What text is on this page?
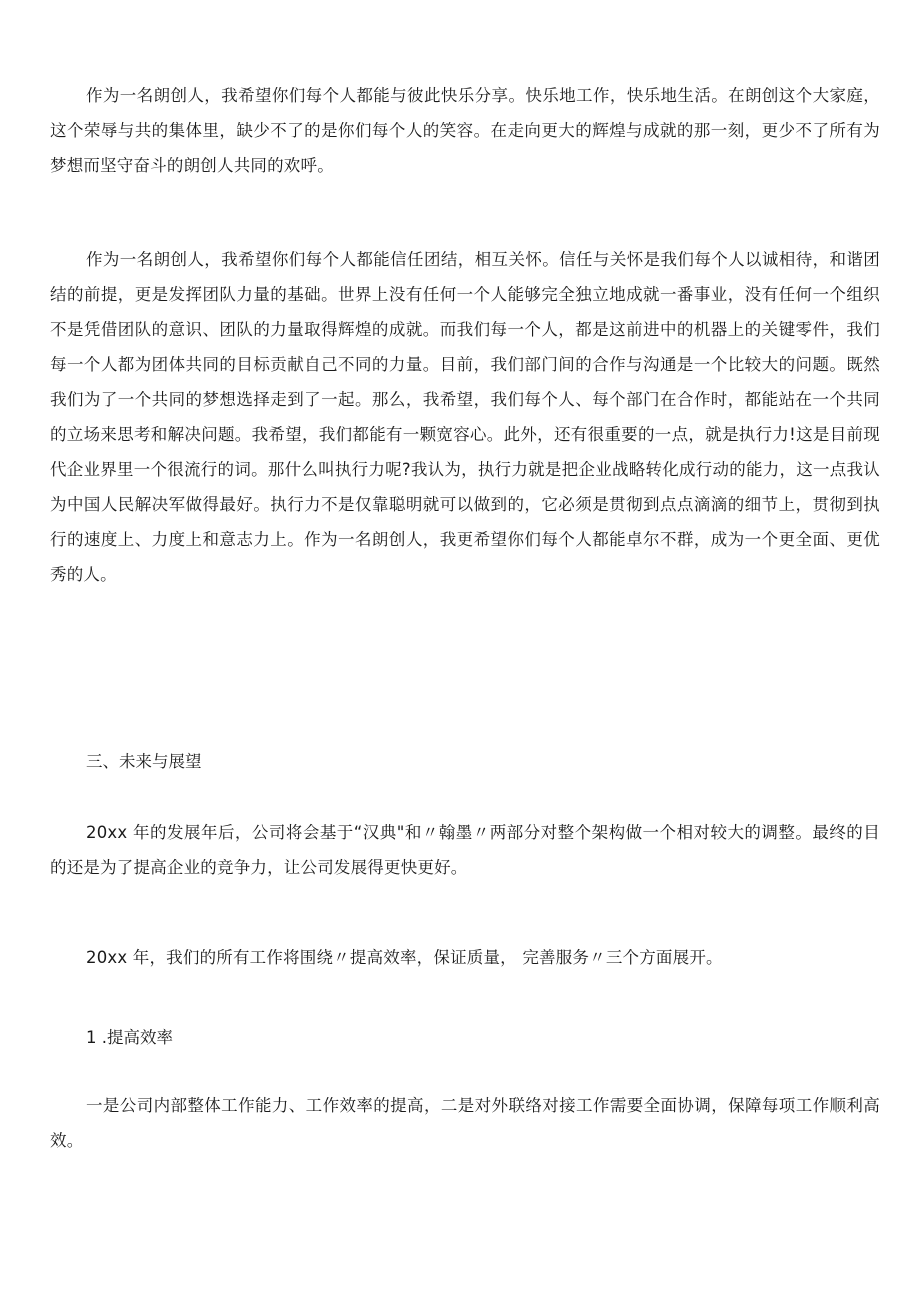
作为一名朗创人，我希望你们每个人都能与彼此快乐分享。快乐地工作，快乐地生活。在朗创这个大家庭，这个荣辱与共的集体里，缺少不了的是你们每个人的笑容。在走向更大的辉煌与成就的那一刻，更少不了所有为梦想而坚守奋斗的朗创人共同的欢呼。

作为一名朗创人，我希望你们每个人都能信任团结，相互关怀。信任与关怀是我们每个人以诚相待，和谐团结的前提，更是发挥团队力量的基础。世界上没有任何一个人能够完全独立地成就一番事业，没有任何一个组织不是凭借团队的意识、团队的力量取得辉煌的成就。而我们每一个人，都是这前进中的机器上的关键零件，我们每一个人都为团体共同的目标贡献自己不同的力量。目前，我们部门间的合作与沟通是一个比较大的问题。既然我们为了一个共同的梦想选择走到了一起。那么，我希望，我们每个人、每个部门在合作时，都能站在一个共同的立场来思考和解决问题。我希望，我们都能有一颗宽容心。此外，还有很重要的一点，就是执行力!这是目前现代企业界里一个很流行的词。那什么叫执行力呢?我认为，执行力就是把企业战略转化成行动的能力，这一点我认为中国人民解决军做得最好。执行力不是仅靠聪明就可以做到的，它必须是贯彻到点点滴滴的细节上，贯彻到执行的速度上、力度上和意志力上。作为一名朗创人，我更希望你们每个人都能卓尔不群，成为一个更全面、更优秀的人。

三、未来与展望

20xx 年的发展年后，公司将会基于“汉典"和〃翰墨〃两部分对整个架构做一个相对较大的调整。最终的目的还是为了提高企业的竞争力，让公司发展得更快更好。

20xx 年，我们的所有工作将围绕〃提高效率，保证质量， 完善服务〃三个方面展开。

1 .提高效率

一是公司内部整体工作能力、工作效率的提高，二是对外联络对接工作需要全面协调，保障每项工作顺利高效。
